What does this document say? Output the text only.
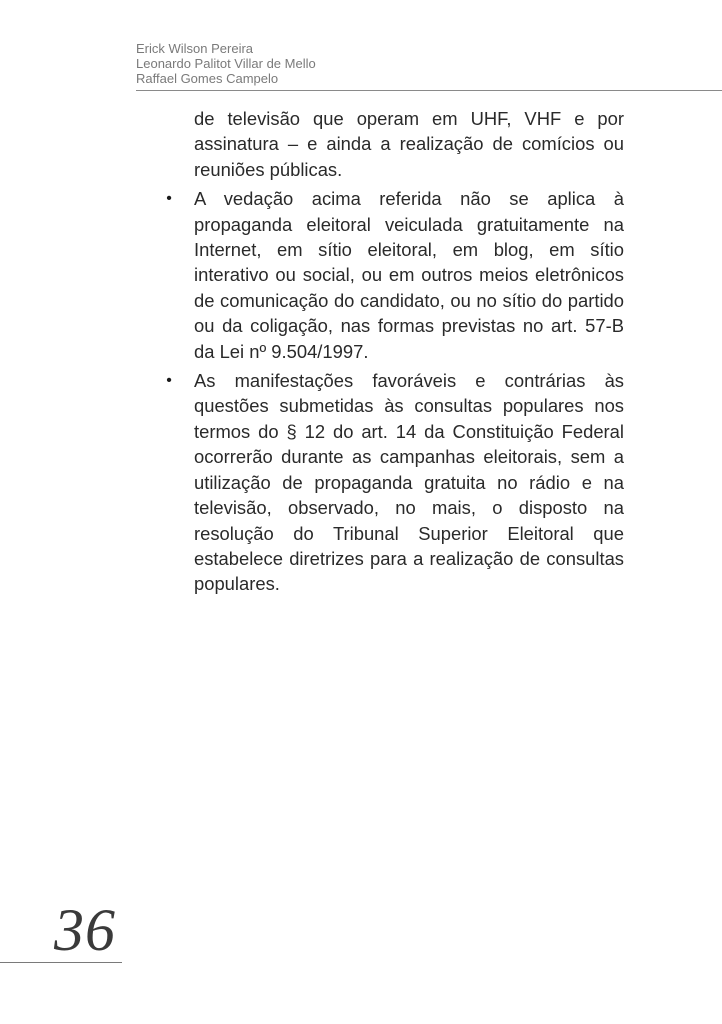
Erick Wilson Pereira
Leonardo Palitot Villar de Mello
Raffael Gomes Campelo

de televisão que operam em UHF, VHF e por assinatura – e ainda a realização de comícios ou reuniões públicas.

• A vedação acima referida não se aplica à propaganda eleitoral veiculada gratuitamente na Internet, em sítio eleitoral, em blog, em sítio interativo ou social, ou em outros meios eletrônicos de comunicação do candidato, ou no sítio do partido ou da coligação, nas formas previstas no art. 57-B da Lei nº 9.504/1997.
• As manifestações favoráveis e contrárias às questões submetidas às consultas populares nos termos do § 12 do art. 14 da Constituição Federal ocorrerão durante as campanhas eleitorais, sem a utilização de propaganda gratuita no rádio e na televisão, observado, no mais, o disposto na resolução do Tribunal Superior Eleitoral que estabelece diretrizes para a realização de consultas populares.
36
